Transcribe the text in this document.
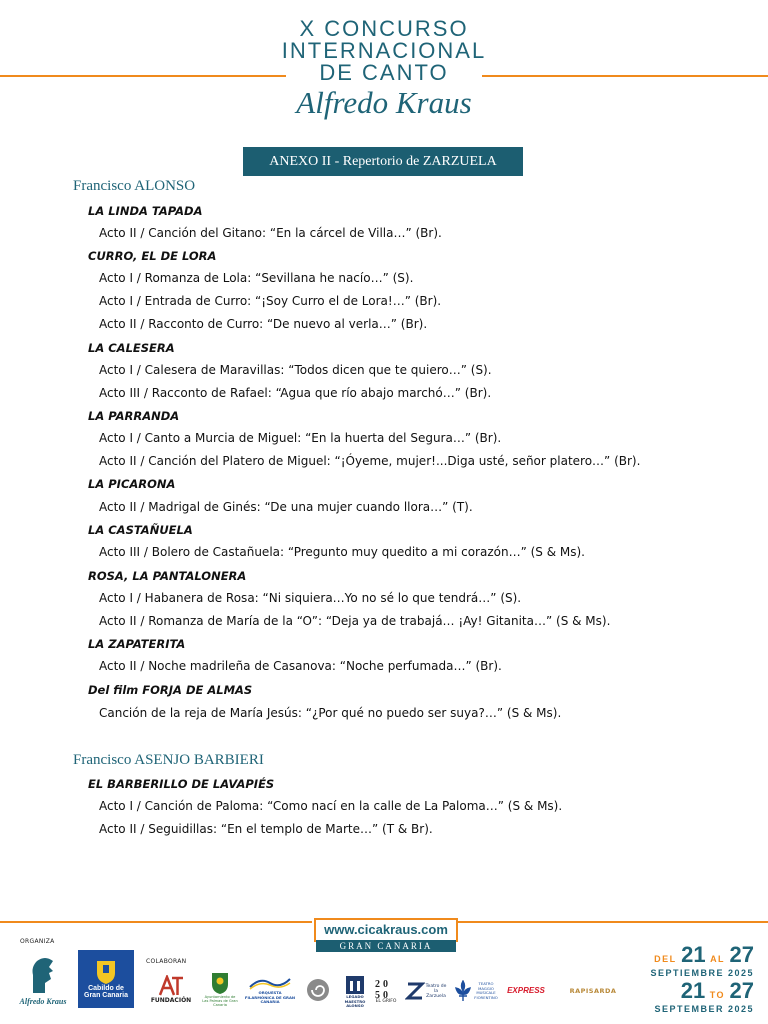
X CONCURSO
INTERNACIONAL
DE CANTO
Alfredo Kraus
ANEXO II - Repertorio de ZARZUELA
Francisco ALONSO
LA LINDA TAPADA
Acto II / Canción del Gitano: “En la cárcel de Villa…” (Br).
CURRO, EL DE LORA
Acto I / Romanza de Lola: “Sevillana he nacío…” (S).
Acto I / Entrada de Curro: “¡Soy Curro el de Lora!…” (Br).
Acto II / Racconto de Curro: “De nuevo al verla…” (Br).
LA CALESERA
Acto I / Calesera de Maravillas: “Todos dicen que te quiero…” (S).
Acto III / Racconto de Rafael: “Agua que río abajo marchó…” (Br).
LA PARRANDA
Acto I / Canto a Murcia de Miguel: “En la huerta del Segura…” (Br).
Acto II / Canción del Platero de Miguel: “¡Óyeme, mujer!...Diga usté, señor platero…” (Br).
LA PICARONA
Acto II / Madrigal de Ginés: “De una mujer cuando llora…” (T).
LA CASTAÑUELA
Acto III / Bolero de Castañuela: “Pregunto muy quedito a mi corazón…” (S & Ms).
ROSA, LA PANTALONERA
Acto I / Habanera de Rosa: “Ni siquiera…Yo no sé lo que tendrá…” (S).
Acto II / Romanza de María de la “O”: “Deja ya de trabajá… ¡Ay! Gitanita…” (S & Ms).
LA ZAPATERITA
Acto II / Noche madrileña de Casanova: “Noche perfumada…” (Br).
Del film FORJA DE ALMAS
Canción de la reja de María Jesús: “¿Por qué no puedo ser suya?…” (S & Ms).
Francisco ASENJO BARBIERI
EL BARBERILLO DE LAVAPIÉS
Acto I / Canción de Paloma: “Como nací en la calle de La Paloma…” (S & Ms).
Acto II / Seguidillas: “En el templo de Marte…” (T & Br).
www.cicakraus.com
GRAN CANARIA
ORGANIZA
COLABORAN
Alfredo Kraus
Cabildo de
Gran Canaria
FUNDACIÓN	Ayuntamiento de Las Palmas de Gran Canaria
ORQUESTA FILARMÓNICA DE GRAN CANARIA
LEGADO MAESTRO ALONSO
2 0
5 0
EL GRIFO
Teatro de la Zarzuela
TEATRO MAGGIO MUSICALE FIORENTINO
EXPRESS	RAPISARDA
DEL 21 AL 27
SEPTIEMBRE 2025
21 TO 27
SEPTEMBER 2025
